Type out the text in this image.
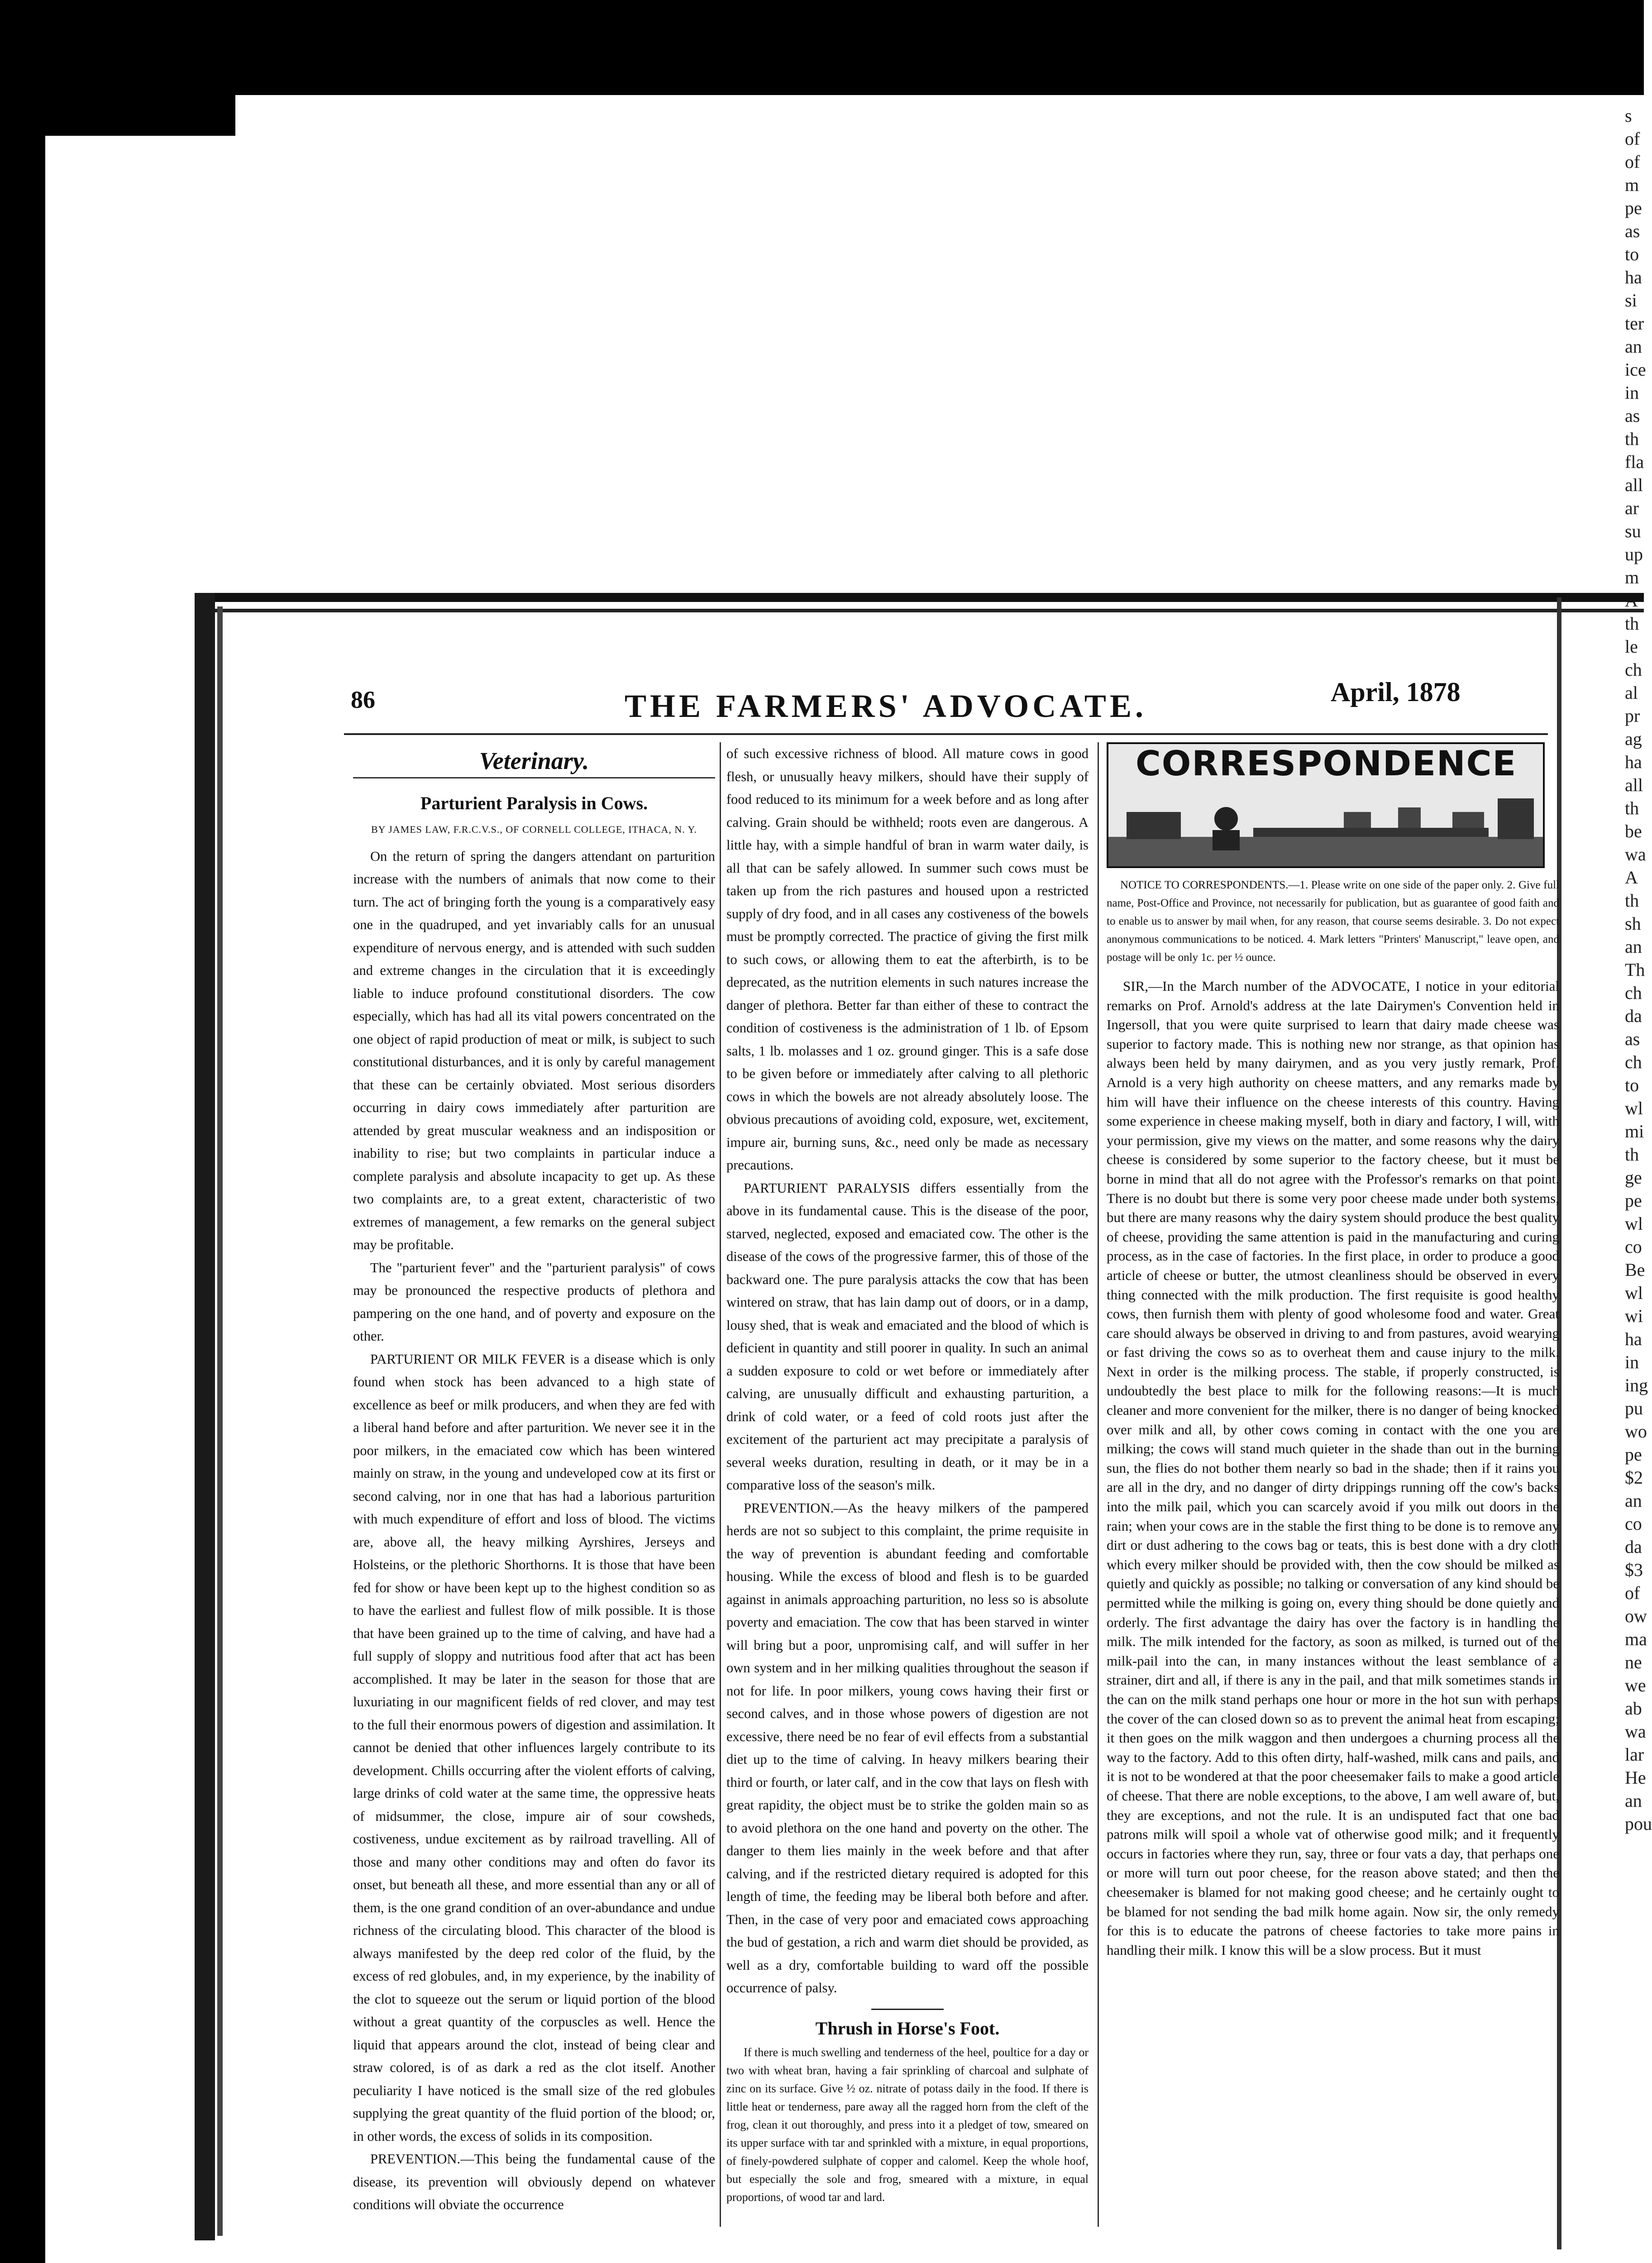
s

of

of

m

pe

as

to

ha

si

ter

an

ice

in

as

th

fla

all

ar

su

up

m

th

le

ch

al

pr

ag

ha

all

th

be

wa

A

th

sh

an

Th

ch

da

as

ch

to

wl

mi

th

ge

pe

wl

co

Be

wl

wi

ha

in

ing

pu

wo

pe

$2

an

co

da

$3

of

ow

ma

ne

we

ab

wa

lar

He

an

pou

86	THE FARMERS' ADVOCATE.	April, 1878
Veterinary.
Parturient Paralysis in Cows.
BY JAMES LAW, F.R.C.V.S., OF CORNELL COLLEGE, ITHACA, N. Y.

On the return of spring the dangers attendant on parturition increase with the numbers of animals that now come to their turn. The act of bringing forth the young is a comparatively easy one in the quadruped, and yet invariably calls for an unusual expenditure of nervous energy, and is attended with such sudden and extreme changes in the circulation that it is exceedingly liable to induce profound constitutional disorders. The cow especially, which has had all its vital powers concentrated on the one object of rapid production of meat or milk, is subject to such constitutional disturbances, and it is only by careful management that these can be certainly obviated. Most serious disorders occurring in dairy cows immediately after parturition are attended by great muscular weakness and an indisposition or inability to rise; but two complaints in particular induce a complete paralysis and absolute incapacity to get up. As these two complaints are, to a great extent, characteristic of two extremes of management, a few remarks on the general subject may be profitable.

The "parturient fever" and the "parturient paralysis" of cows may be pronounced the respective products of plethora and pampering on the one hand, and of poverty and exposure on the other.

PARTURIENT OR MILK FEVER is a disease which is only found when stock has been advanced to a high state of excellence as beef or milk producers, and when they are fed with a liberal hand before and after parturition. We never see it in the poor milkers, in the emaciated cow which has been wintered mainly on straw, in the young and undeveloped cow at its first or second calving, nor in one that has had a laborious parturition with much expenditure of effort and loss of blood. The victims are, above all, the heavy milking Ayrshires, Jerseys and Holsteins, or the plethoric Shorthorns. It is those that have been fed for show or have been kept up to the highest condition so as to have the earliest and fullest flow of milk possible. It is those that have been grained up to the time of calving, and have had a full supply of sloppy and nutritious food after that act has been accomplished. It may be later in the season for those that are luxuriating in our magnificent fields of red clover, and may test to the full their enormous powers of digestion and assimilation. It cannot be denied that other influences largely contribute to its development. Chills occurring after the violent efforts of calving, large drinks of cold water at the same time, the oppressive heats of midsummer, the close, impure air of sour cowsheds, costiveness, undue excitement as by railroad travelling. All of those and many other conditions may and often do favor its onset, but beneath all these, and more essential than any or all of them, is the one grand condition of an over-abundance and undue richness of the circulating blood. This character of the blood is always manifested by the deep red color of the fluid, by the excess of red globules, and, in my experience, by the inability of the clot to squeeze out the serum or liquid portion of the blood without a great quantity of the corpuscles as well. Hence the liquid that appears around the clot, instead of being clear and straw colored, is of as dark a red as the clot itself. Another peculiarity I have noticed is the small size of the red globules supplying the great quantity of the fluid portion of the blood; or, in other words, the excess of solids in its composition.

PREVENTION.—This being the fundamental cause of the disease, its prevention will obviously depend on whatever conditions will obviate the occurrence

of such excessive richness of blood. All mature cows in good flesh, or unusually heavy milkers, should have their supply of food reduced to its minimum for a week before and as long after calving. Grain should be withheld; roots even are dangerous. A little hay, with a simple handful of bran in warm water daily, is all that can be safely allowed. In summer such cows must be taken up from the rich pastures and housed upon a restricted supply of dry food, and in all cases any costiveness of the bowels must be promptly corrected. The practice of giving the first milk to such cows, or allowing them to eat the afterbirth, is to be deprecated, as the nutrition elements in such natures increase the danger of plethora. Better far than either of these to contract the condition of costiveness is the administration of 1 lb. of Epsom salts, 1 lb. molasses and 1 oz. ground ginger. This is a safe dose to be given before or immediately after calving to all plethoric cows in which the bowels are not already absolutely loose. The obvious precautions of avoiding cold, exposure, wet, excitement, impure air, burning suns, &c., need only be made as necessary precautions.

PARTURIENT PARALYSIS differs essentially from the above in its fundamental cause. This is the disease of the poor, starved, neglected, exposed and emaciated cow. The other is the disease of the cows of the progressive farmer, this of those of the backward one. The pure paralysis attacks the cow that has been wintered on straw, that has lain damp out of doors, or in a damp, lousy shed, that is weak and emaciated and the blood of which is deficient in quantity and still poorer in quality. In such an animal a sudden exposure to cold or wet before or immediately after calving, are unusually difficult and exhausting parturition, a drink of cold water, or a feed of cold roots just after the excitement of the parturient act may precipitate a paralysis of several weeks duration, resulting in death, or it may be in a comparative loss of the season's milk.

PREVENTION.—As the heavy milkers of the pampered herds are not so subject to this complaint, the prime requisite in the way of prevention is abundant feeding and comfortable housing. While the excess of blood and flesh is to be guarded against in animals approaching parturition, no less so is absolute poverty and emaciation. The cow that has been starved in winter will bring but a poor, unpromising calf, and will suffer in her own system and in her milking qualities throughout the season if not for life. In poor milkers, young cows having their first or second calves, and in those whose powers of digestion are not excessive, there need be no fear of evil effects from a substantial diet up to the time of calving. In heavy milkers bearing their third or fourth, or later calf, and in the cow that lays on flesh with great rapidity, the object must be to strike the golden main so as to avoid plethora on the one hand and poverty on the other. The danger to them lies mainly in the week before and that after calving, and if the restricted dietary required is adopted for this length of time, the feeding may be liberal both before and after. Then, in the case of very poor and emaciated cows approaching the bud of gestation, a rich and warm diet should be provided, as well as a dry, comfortable building to ward off the possible occurrence of palsy.

Thrush in Horse's Foot.

If there is much swelling and tenderness of the heel, poultice for a day or two with wheat bran, having a fair sprinkling of charcoal and sulphate of zinc on its surface. Give ½ oz. nitrate of potass daily in the food. If there is little heat or tenderness, pare away all the ragged horn from the cleft of the frog, clean it out thoroughly, and press into it a pledget of tow, smeared on its upper surface with tar and sprinkled with a mixture, in equal proportions, of finely-powdered sulphate of copper and calomel. Keep the whole hoof, but especially the sole and frog, smeared with a mixture, in equal proportions, of wood tar and lard.

CORRESPONDENCE
NOTICE TO CORRESPONDENTS.—1. Please write on one side of the paper only. 2. Give full name, Post-Office and Province, not necessarily for publication, but as guarantee of good faith and to enable us to answer by mail when, for any reason, that course seems desirable. 3. Do not expect anonymous communications to be noticed. 4. Mark letters "Printers' Manuscript," leave open, and postage will be only 1c. per ½ ounce.

SIR,—In the March number of the ADVOCATE, I notice in your editorial remarks on Prof. Arnold's address at the late Dairymen's Convention held in Ingersoll, that you were quite surprised to learn that dairy made cheese was superior to factory made. This is nothing new nor strange, as that opinion has always been held by many dairymen, and as you very justly remark, Prof. Arnold is a very high authority on cheese matters, and any remarks made by him will have their influence on the cheese interests of this country. Having some experience in cheese making myself, both in diary and factory, I will, with your permission, give my views on the matter, and some reasons why the dairy cheese is considered by some superior to the factory cheese, but it must be borne in mind that all do not agree with the Professor's remarks on that point. There is no doubt but there is some very poor cheese made under both systems, but there are many reasons why the dairy system should produce the best quality of cheese, providing the same attention is paid in the manufacturing and curing process, as in the case of factories. In the first place, in order to produce a good article of cheese or butter, the utmost cleanliness should be observed in every thing connected with the milk production. The first requisite is good healthy cows, then furnish them with plenty of good wholesome food and water. Great care should always be observed in driving to and from pastures, avoid wearying or fast driving the cows so as to overheat them and cause injury to the milk. Next in order is the milking process. The stable, if properly constructed, is undoubtedly the best place to milk for the following reasons:—It is much cleaner and more convenient for the milker, there is no danger of being knocked over milk and all, by other cows coming in contact with the one you are milking; the cows will stand much quieter in the shade than out in the burning sun, the flies do not bother them nearly so bad in the shade; then if it rains you are all in the dry, and no danger of dirty drippings running off the cow's backs into the milk pail, which you can scarcely avoid if you milk out doors in the rain; when your cows are in the stable the first thing to be done is to remove any dirt or dust adhering to the cows bag or teats, this is best done with a dry cloth which every milker should be provided with, then the cow should be milked as quietly and quickly as possible; no talking or conversation of any kind should be permitted while the milking is going on, every thing should be done quietly and orderly. The first advantage the dairy has over the factory is in handling the milk. The milk intended for the factory, as soon as milked, is turned out of the milk-pail into the can, in many instances without the least semblance of a strainer, dirt and all, if there is any in the pail, and that milk sometimes stands in the can on the milk stand perhaps one hour or more in the hot sun with perhaps the cover of the can closed down so as to prevent the animal heat from escaping; it then goes on the milk waggon and then undergoes a churning process all the way to the factory. Add to this often dirty, half-washed, milk cans and pails, and it is not to be wondered at that the poor cheesemaker fails to make a good article of cheese. That there are noble exceptions, to the above, I am well aware of, but, they are exceptions, and not the rule. It is an undisputed fact that one bad patrons milk will spoil a whole vat of otherwise good milk; and it frequently occurs in factories where they run, say, three or four vats a day, that perhaps one or more will turn out poor cheese, for the reason above stated; and then the cheesemaker is blamed for not making good cheese; and he certainly ought to be blamed for not sending the bad milk home again. Now sir, the only remedy for this is to educate the patrons of cheese factories to take more pains in handling their milk. I know this will be a slow process. But it must
